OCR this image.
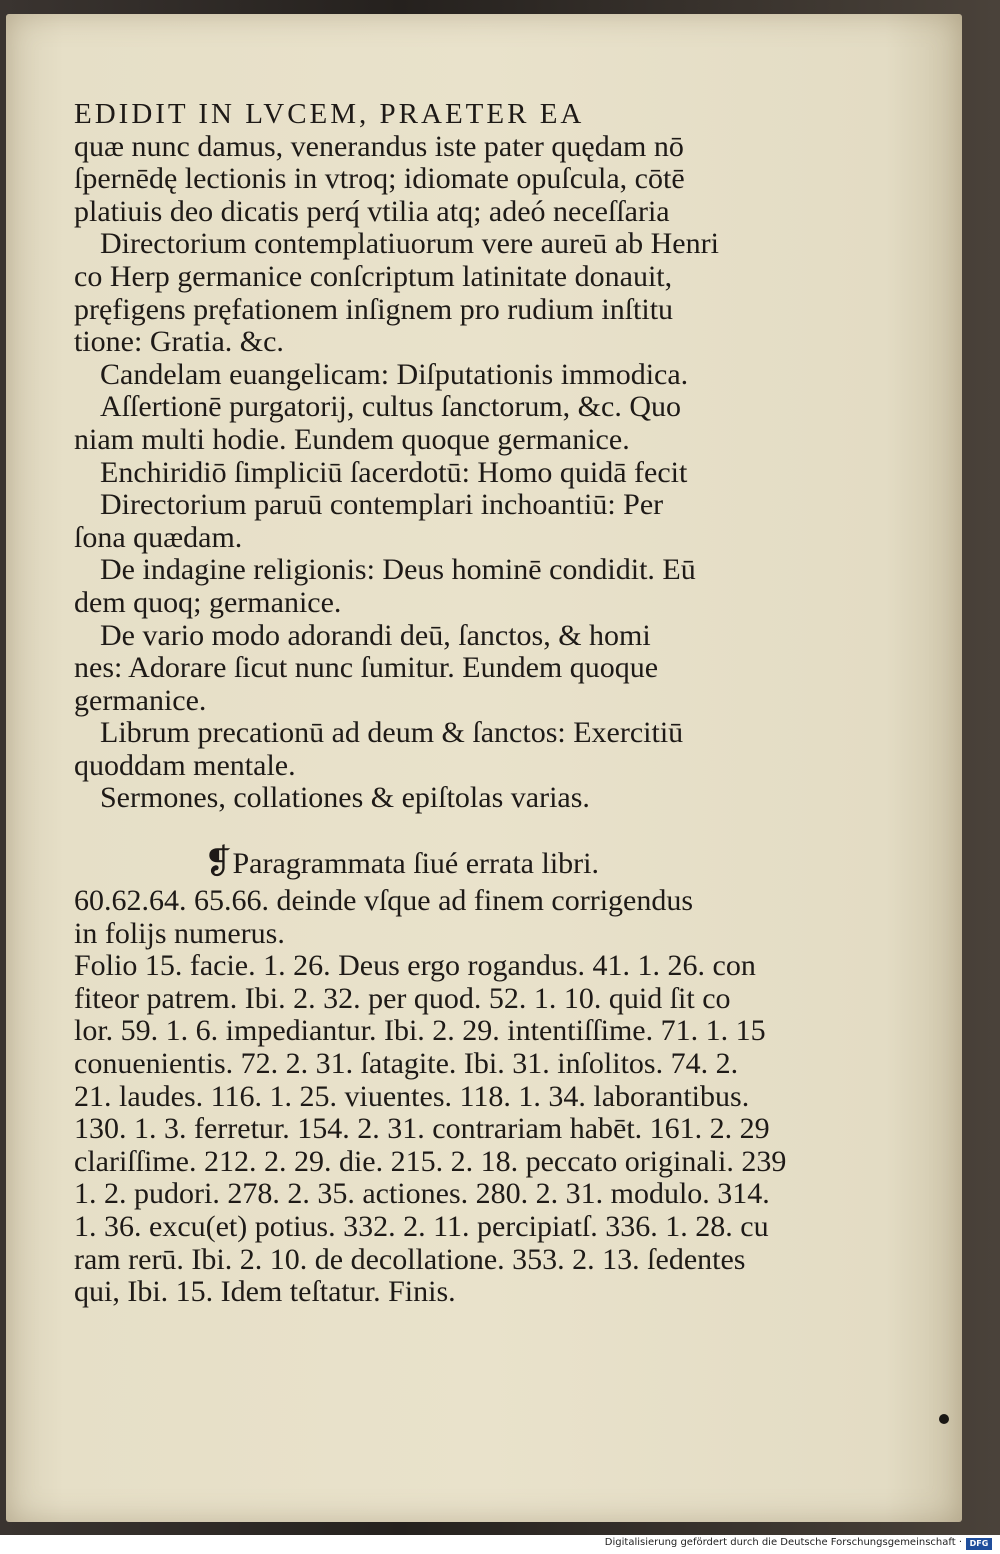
EDIDIT IN LVCEM, PRAETER EA
quæ nunc damus, venerandus iste pater quędam nō
ſpernēdę lectionis in vtroq; idiomate opuſcula, cōtē
platiuis deo dicatis perq́ vtilia atq; adeó neceſſaria
Directorium contemplatiuorum vere aureū ab Henri
co Herp germanice conſcriptum latinitate donauit,
pręfigens pręfationem inſignem pro rudium inſtitu
tione: Gratia. &c.
Candelam euangelicam: Diſputationis immodica.
Aſſertionē purgatorij, cultus ſanctorum, &c. Quo
niam multi hodie. Eundem quoque germanice.
Enchiridiō ſimpliciū ſacerdotū: Homo quidā fecit
Directorium paruū contemplari inchoantiū: Per
ſona quædam.
De indagine religionis: Deus hominē condidit. Eū
dem quoq; germanice.
De vario modo adorandi deū, ſanctos, & homi
nes: Adorare ſicut nunc ſumitur. Eundem quoque
germanice.
Librum precationū ad deum & ſanctos: Exercitiū
quoddam mentale.
Sermones, collationes & epiſtolas varias.
❡Paragrammata ſiué errata libri.
60.62.64. 65.66. deinde vſque ad finem corrigendus
in folijs numerus.
Folio 15. facie. 1. 26. Deus ergo rogandus. 41. 1. 26. con
fiteor patrem. Ibi. 2. 32. per quod. 52. 1. 10. quid ſit co
lor. 59. 1. 6. impediantur. Ibi. 2. 29. intentiſſime. 71. 1. 15
conuenientis. 72. 2. 31. ſatagite. Ibi. 31. inſolitos. 74. 2.
21. laudes. 116. 1. 25. viuentes. 118. 1. 34. laborantibus.
130. 1. 3. ferretur. 154. 2. 31. contrariam habēt. 161. 2. 29
clariſſime. 212. 2. 29. die. 215. 2. 18. peccato originali. 239
1. 2. pudori. 278. 2. 35. actiones. 280. 2. 31. modulo. 314.
1. 36. excu(et) potius. 332. 2. 11. percipiatſ. 336. 1. 28. cu
ram rerū. Ibi. 2. 10. de decollatione. 353. 2. 13. ſedentes
qui, Ibi. 15. Idem teſtatur. Finis.
Digitalisierung gefördert durch die Deutsche Forschungsgemeinschaft · DFG
